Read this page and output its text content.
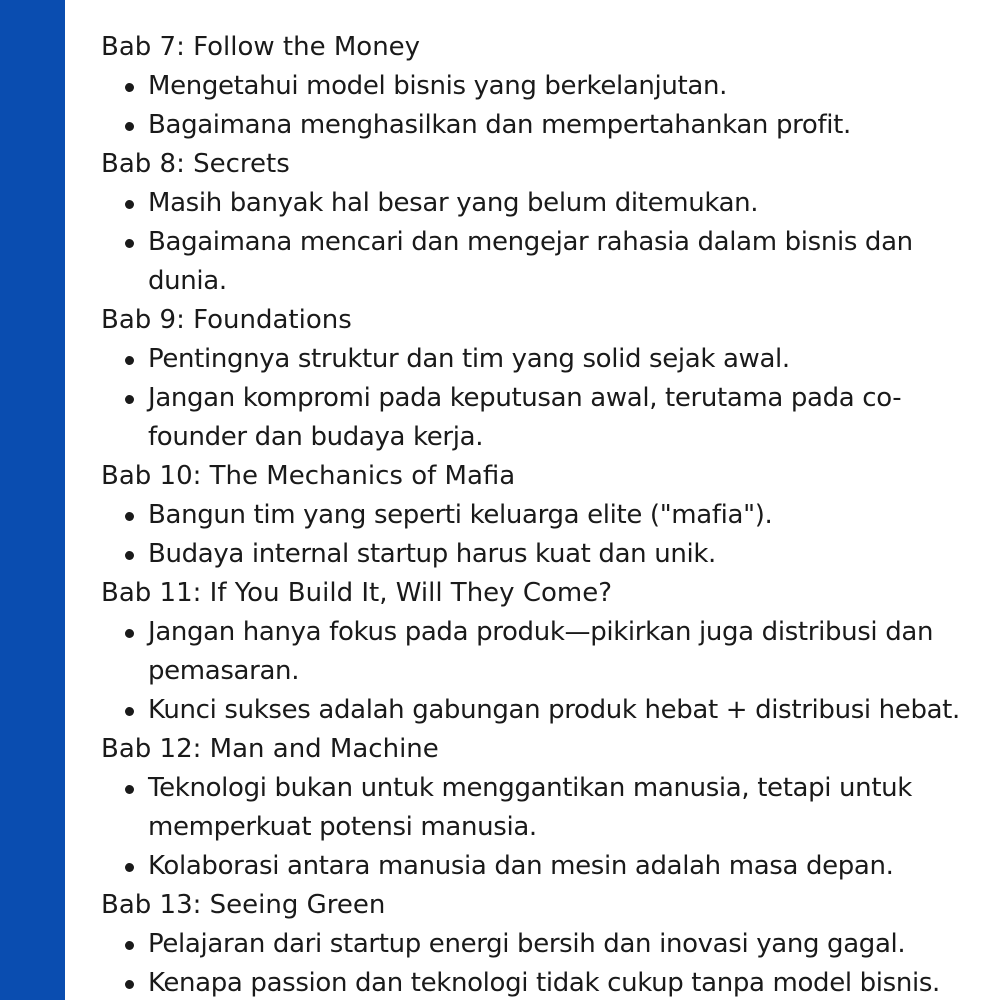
Bab 7: Follow the Money
Mengetahui model bisnis yang berkelanjutan.
Bagaimana menghasilkan dan mempertahankan profit.
Bab 8: Secrets
Masih banyak hal besar yang belum ditemukan.
Bagaimana mencari dan mengejar rahasia dalam bisnis dan dunia.
Bab 9: Foundations
Pentingnya struktur dan tim yang solid sejak awal.
Jangan kompromi pada keputusan awal, terutama pada co-founder dan budaya kerja.
Bab 10: The Mechanics of Mafia
Bangun tim yang seperti keluarga elite ("mafia").
Budaya internal startup harus kuat dan unik.
Bab 11: If You Build It, Will They Come?
Jangan hanya fokus pada produk—pikirkan juga distribusi dan pemasaran.
Kunci sukses adalah gabungan produk hebat + distribusi hebat.
Bab 12: Man and Machine
Teknologi bukan untuk menggantikan manusia, tetapi untuk memperkuat potensi manusia.
Kolaborasi antara manusia dan mesin adalah masa depan.
Bab 13: Seeing Green
Pelajaran dari startup energi bersih dan inovasi yang gagal.
Kenapa passion dan teknologi tidak cukup tanpa model bisnis.
